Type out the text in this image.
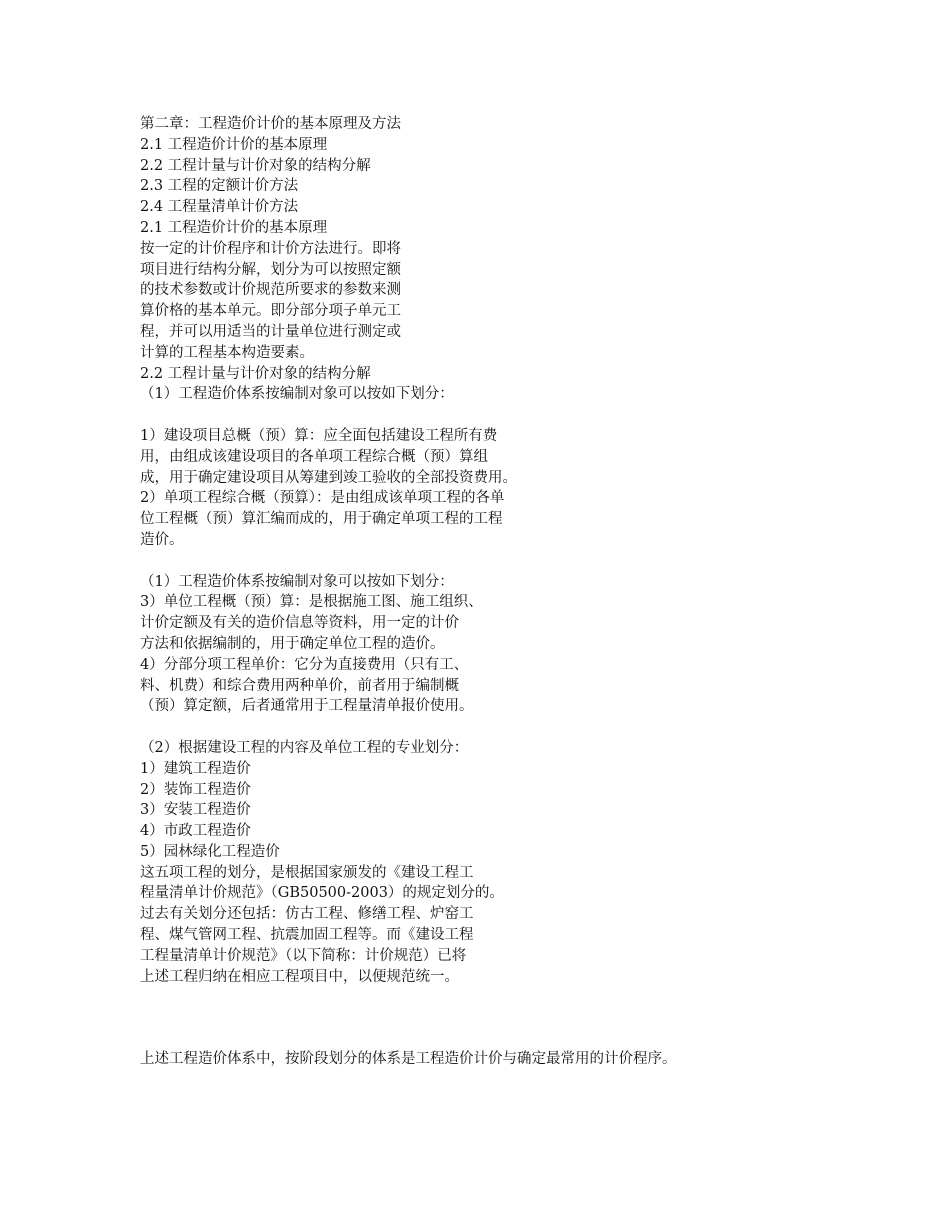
第二章：工程造价计价的基本原理及方法
2.1 工程造价计价的基本原理
2.2 工程计量与计价对象的结构分解
2.3 工程的定额计价方法
2.4 工程量清单计价方法
2.1 工程造价计价的基本原理
按一定的计价程序和计价方法进行。即将
项目进行结构分解，划分为可以按照定额
的技术参数或计价规范所要求的参数来测
算价格的基本单元。即分部分项子单元工
程，并可以用适当的计量单位进行测定或
计算的工程基本构造要素。
2.2 工程计量与计价对象的结构分解
（1）工程造价体系按编制对象可以按如下划分：
1）建设项目总概（预）算：应全面包括建设工程所有费
用，由组成该建设项目的各单项工程综合概（预）算组
成，用于确定建设项目从筹建到竣工验收的全部投资费用。
2）单项工程综合概（预算）：是由组成该单项工程的各单
位工程概（预）算汇编而成的，用于确定单项工程的工程
造价。
（1）工程造价体系按编制对象可以按如下划分：
3）单位工程概（预）算：是根据施工图、施工组织、
计价定额及有关的造价信息等资料，用一定的计价
方法和依据编制的，用于确定单位工程的造价。
4）分部分项工程单价：它分为直接费用（只有工、
料、机费）和综合费用两种单价，前者用于编制概
（预）算定额，后者通常用于工程量清单报价使用。
（2）根据建设工程的内容及单位工程的专业划分：
1）建筑工程造价
2）装饰工程造价
3）安装工程造价
4）市政工程造价
5）园林绿化工程造价
这五项工程的划分，是根据国家颁发的《建设工程工
程量清单计价规范》（GB50500-2003）的规定划分的。
过去有关划分还包括：仿古工程、修缮工程、炉窑工
程、煤气管网工程、抗震加固工程等。而《建设工程
工程量清单计价规范》（以下简称：计价规范）已将
上述工程归纳在相应工程项目中，以便规范统一。
上述工程造价体系中，按阶段划分的体系是工程造价计价与确定最常用的计价程序。
